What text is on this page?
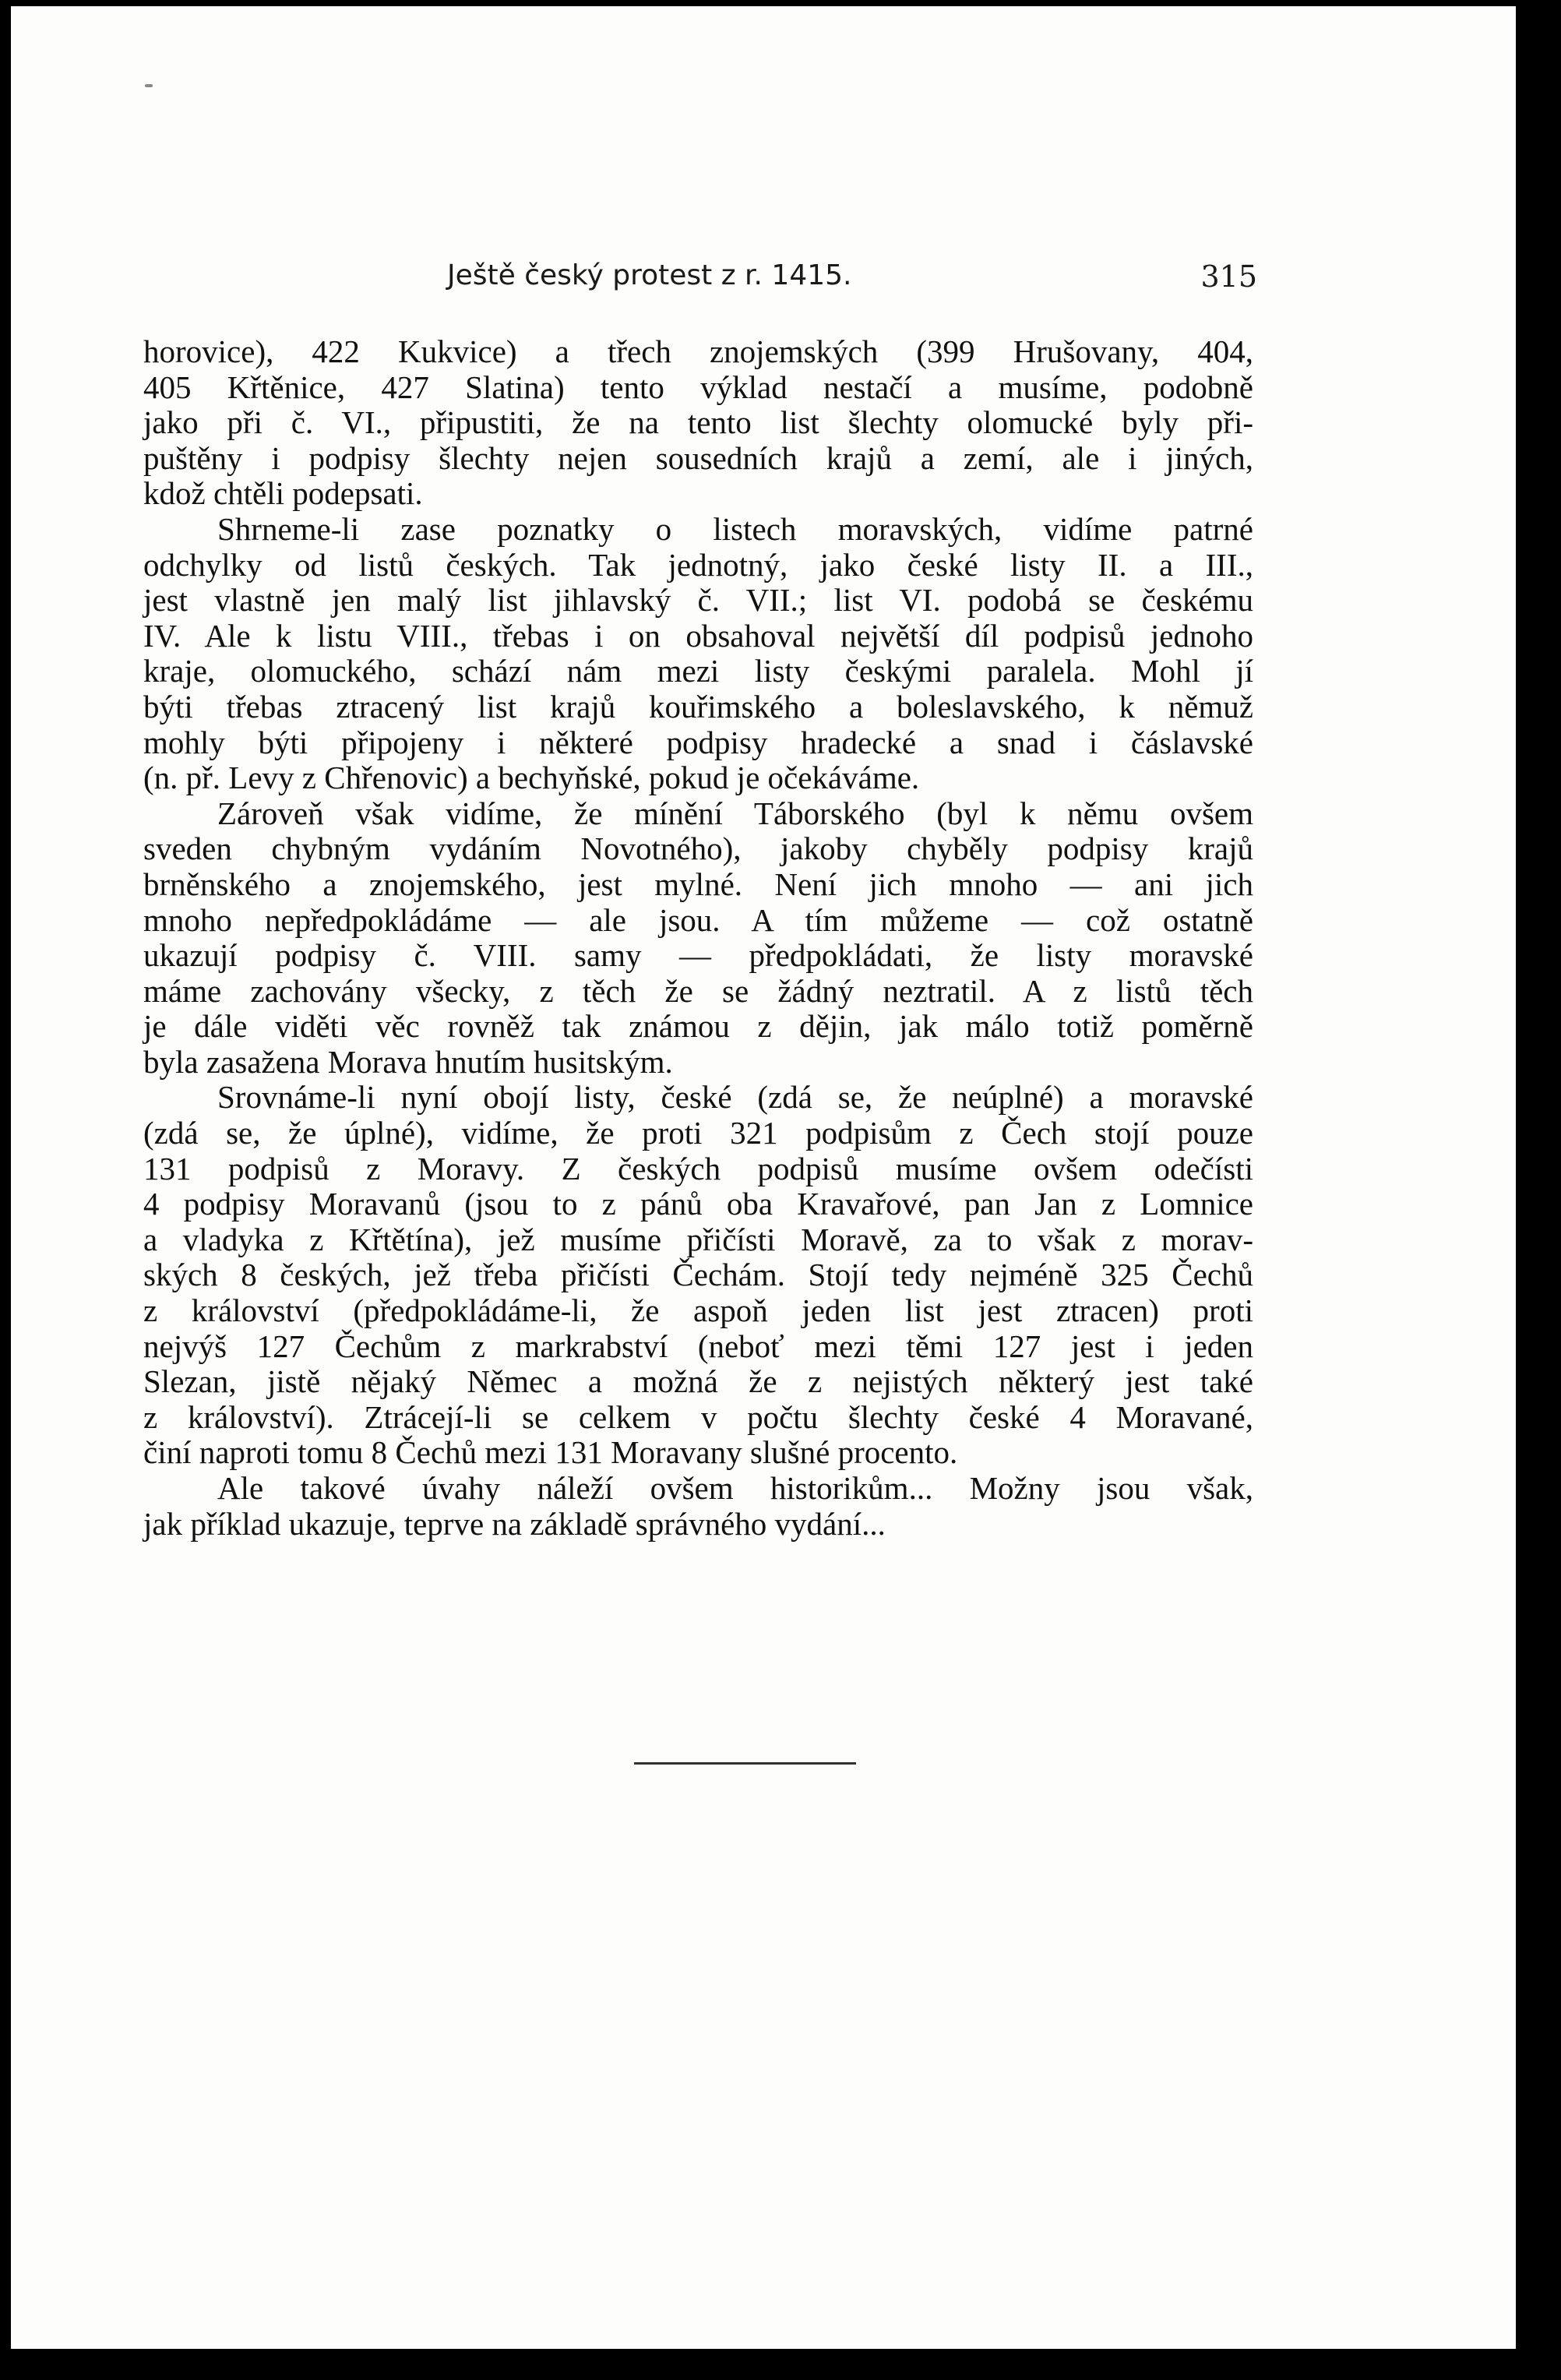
Ještě český protest z r. 1415.	315
horovice), 422 Kukvice) a třech znojemských (399 Hrušovany, 404,
405 Křtěnice, 427 Slatina) tento výklad nestačí a musíme, podobně
jako při č. VI., připustiti, že na tento list šlechty olomucké byly při-
puštěny i podpisy šlechty nejen sousedních krajů a zemí, ale i jiných,
kdož chtěli podepsati.
Shrneme-li zase poznatky o listech moravských, vidíme patrné
odchylky od listů českých. Tak jednotný, jako české listy II. a III.,
jest vlastně jen malý list jihlavský č. VII.; list VI. podobá se českému
IV. Ale k listu VIII., třebas i on obsahoval největší díl podpisů jednoho
kraje, olomuckého, schází nám mezi listy českými paralela. Mohl jí
býti třebas ztracený list krajů kouřimského a boleslavského, k němuž
mohly býti připojeny i některé podpisy hradecké a snad i čáslavské
(n. př. Levy z Chřenovic) a bechyňské, pokud je očekáváme.
Zároveň však vidíme, že mínění Táborského (byl k němu ovšem
sveden chybným vydáním Novotného), jakoby chyběly podpisy krajů
brněnského a znojemského, jest mylné. Není jich mnoho — ani jich
mnoho nepředpokládáme — ale jsou. A tím můžeme — což ostatně
ukazují podpisy č. VIII. samy — předpokládati, že listy moravské
máme zachovány všecky, z těch že se žádný neztratil. A z listů těch
je dále viděti věc rovněž tak známou z dějin, jak málo totiž poměrně
byla zasažena Morava hnutím husitským.
Srovnáme-li nyní obojí listy, české (zdá se, že neúplné) a moravské
(zdá se, že úplné), vidíme, že proti 321 podpisům z Čech stojí pouze
131 podpisů z Moravy. Z českých podpisů musíme ovšem odečísti
4 podpisy Moravanů (jsou to z pánů oba Kravařové, pan Jan z Lomnice
a vladyka z Křtětína), jež musíme přičísti Moravě, za to však z morav-
ských 8 českých, jež třeba přičísti Čechám. Stojí tedy nejméně 325 Čechů
z království (předpokládáme-li, že aspoň jeden list jest ztracen) proti
nejvýš 127 Čechům z markrabství (neboť mezi těmi 127 jest i jeden
Slezan, jistě nějaký Němec a možná že z nejistých některý jest také
z království). Ztrácejí-li se celkem v počtu šlechty české 4 Moravané,
činí naproti tomu 8 Čechů mezi 131 Moravany slušné procento.
Ale takové úvahy náleží ovšem historikům... Možny jsou však,
jak příklad ukazuje, teprve na základě správného vydání...
